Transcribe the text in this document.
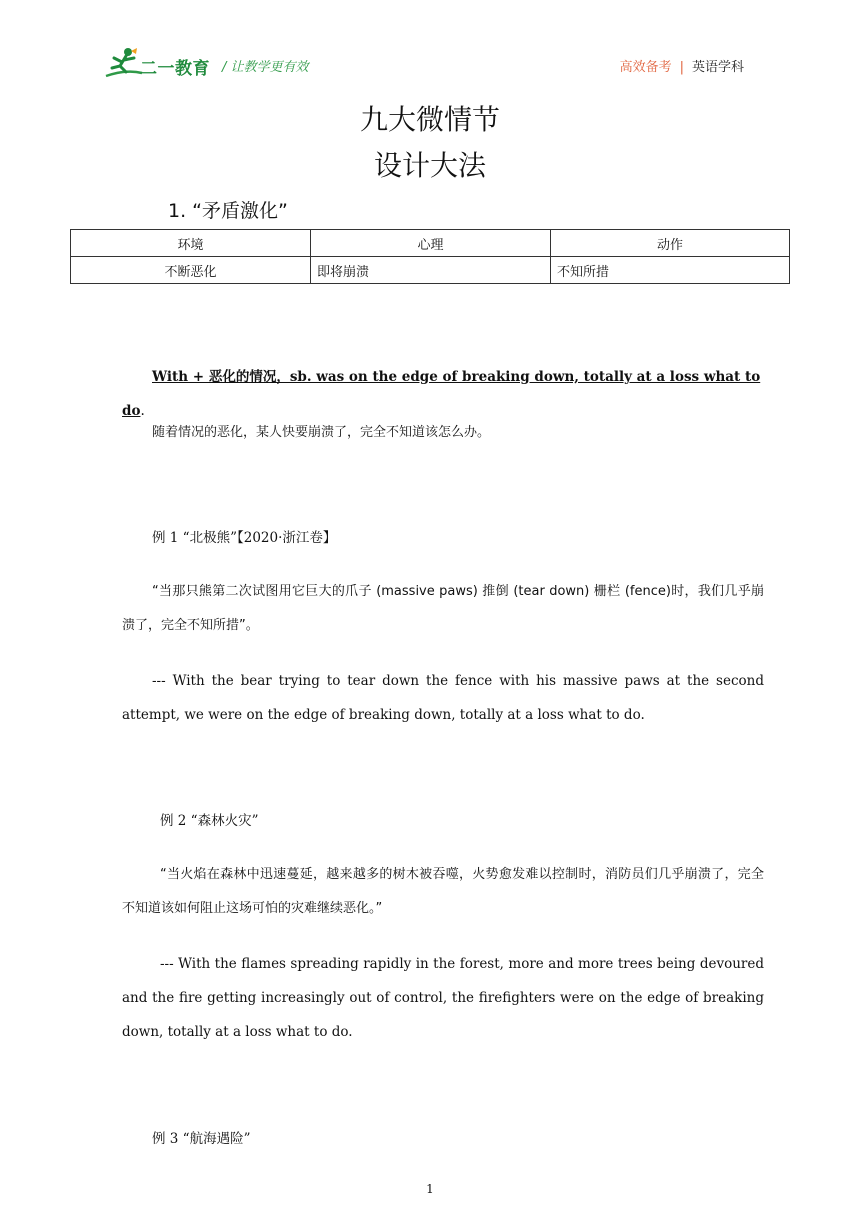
二一教育 / 让教学更有效	高效备考 | 英语学科
九大微情节
设计大法
1. “矛盾激化”
环境	心理	动作
不断恶化	即将崩溃	不知所措
With + 恶化的情况，sb. was on the edge of breaking down, totally at a loss what to do.
随着情况的恶化，某人快要崩溃了，完全不知道该怎么办。
例 1 “北极熊”【2020·浙江卷】
“当那只熊第二次试图用它巨大的爪子 (massive paws) 推倒 (tear down) 栅栏 (fence)时，我们几乎崩溃了，完全不知所措”。
--- With the bear trying to tear down the fence with his massive paws at the second attempt, we were on the edge of breaking down, totally at a loss what to do.
例 2 “森林火灾”
“当火焰在森林中迅速蔓延，越来越多的树木被吞噬，火势愈发难以控制时，消防员们几乎崩溃了，完全不知道该如何阻止这场可怕的灾难继续恶化。”
--- With the flames spreading rapidly in the forest, more and more trees being devoured and the fire getting increasingly out of control, the firefighters were on the edge of breaking down, totally at a loss what to do.
例 3 “航海遇险”
1
